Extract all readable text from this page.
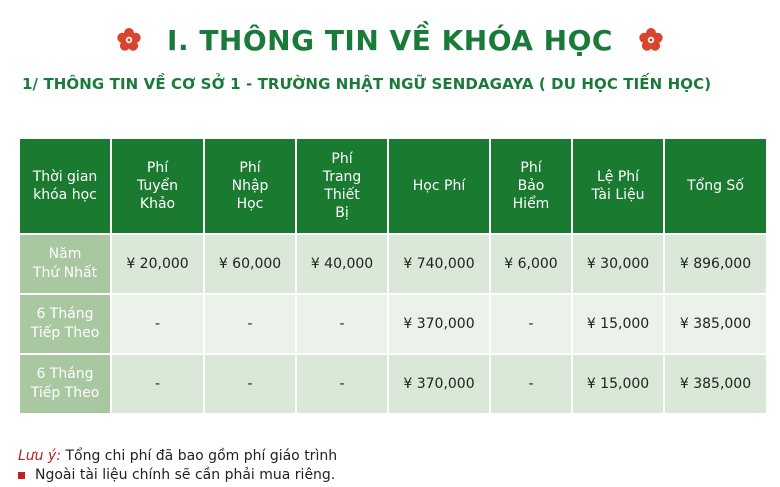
I. THÔNG TIN VỀ KHÓA HỌC
1/ THÔNG TIN VỀ CƠ SỞ 1 - TRƯỜNG NHẬT NGỮ SENDAGAYA ( DU HỌC TIẾN HỌC)
Thời gian
khóa học	Phí
Tuyển
Khảo	Phí
Nhập
Học	Phí
Trang
Thiết
Bị	Học Phí	Phí
Bảo
Hiểm	Lệ Phí
Tài Liệu	Tổng Số
Năm
Thứ Nhất	¥ 20,000	¥ 60,000	¥ 40,000	¥ 740,000	¥ 6,000	¥ 30,000	¥ 896,000
6 Tháng
Tiếp Theo	-	-	-	¥ 370,000	-	¥ 15,000	¥ 385,000
6 Tháng
Tiếp Theo	-	-	-	¥ 370,000	-	¥ 15,000	¥ 385,000
Lưu ý: Tổng chi phí đã bao gồm phí giáo trình
Ngoài tài liệu chính sẽ cần phải mua riêng.
